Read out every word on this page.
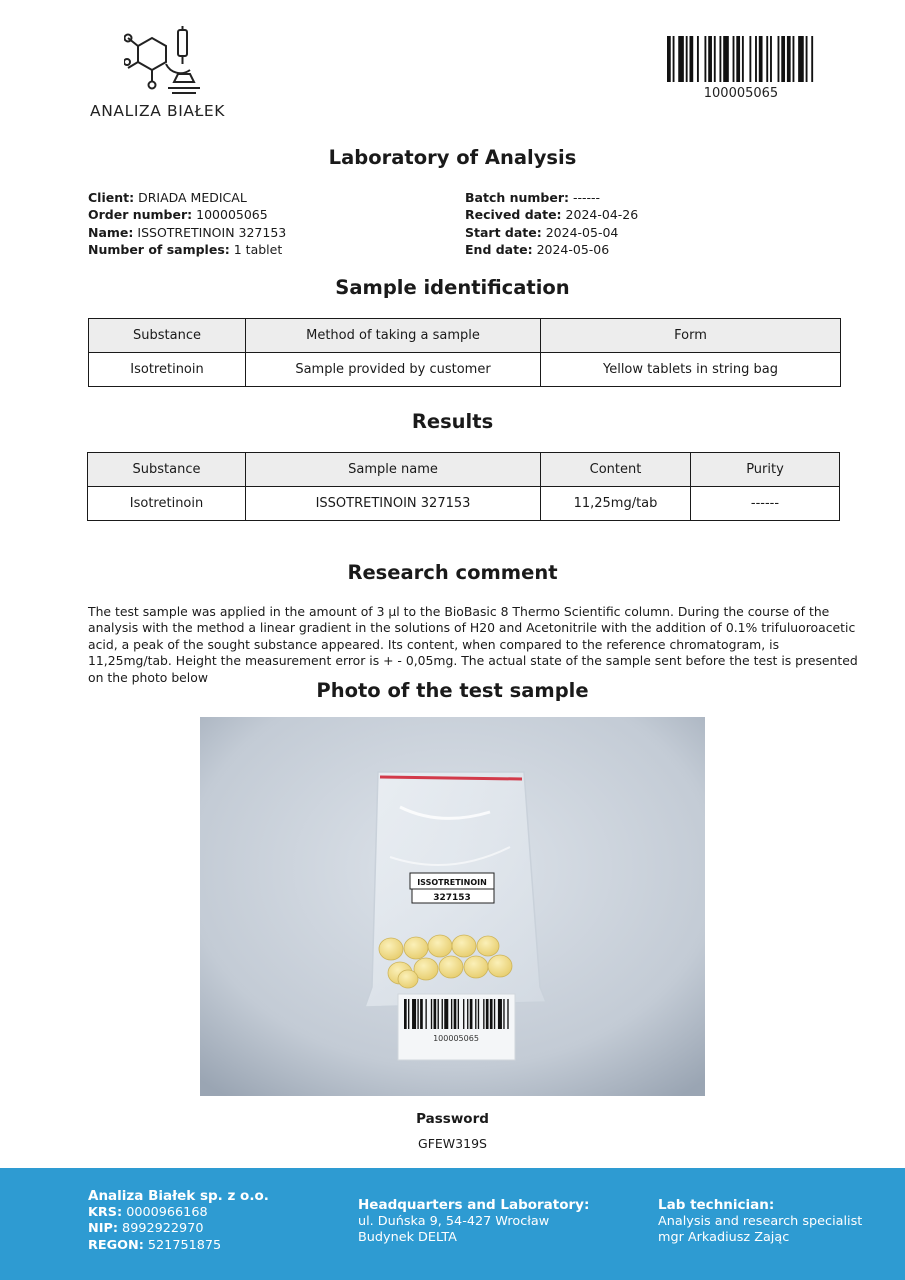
ANALIZA BIAŁEK
100005065
Laboratory of Analysis
Client: DRIADA MEDICAL
Order number: 100005065
Name: ISSOTRETINOIN 327153
Number of samples: 1 tablet
Batch number: ------
Recived date: 2024-04-26
Start date: 2024-05-04
End date: 2024-05-06
Sample identification
Substance	Method of taking a sample	Form
Isotretinoin	Sample provided by customer	Yellow tablets in string bag
Results
Substance	Sample name	Content	Purity
Isotretinoin	ISSOTRETINOIN 327153	11,25mg/tab	------
Research comment
The test sample was applied in the amount of 3 µl to the BioBasic 8 Thermo Scientific column. During the course of the analysis with the method a linear gradient in the solutions of H20 and Acetonitrile with the addition of 0.1% trifuluoroacetic acid, a peak of the sought substance appeared. Its content, when compared to the reference chromatogram, is 11,25mg/tab. Height the measurement error is + - 0,05mg. The actual state of the sample sent before the test is presented on the photo below
Photo of the test sample
ISSOTRETINOIN
327153
100005065
Password
GFEW319S
Analiza Białek sp. z o.o.
KRS: 0000966168
NIP: 8992922970
REGON: 521751875
Headquarters and Laboratory:
ul. Duńska 9, 54-427 Wrocław
Budynek DELTA
Lab technician:
Analysis and research specialist
mgr Arkadiusz Zając
